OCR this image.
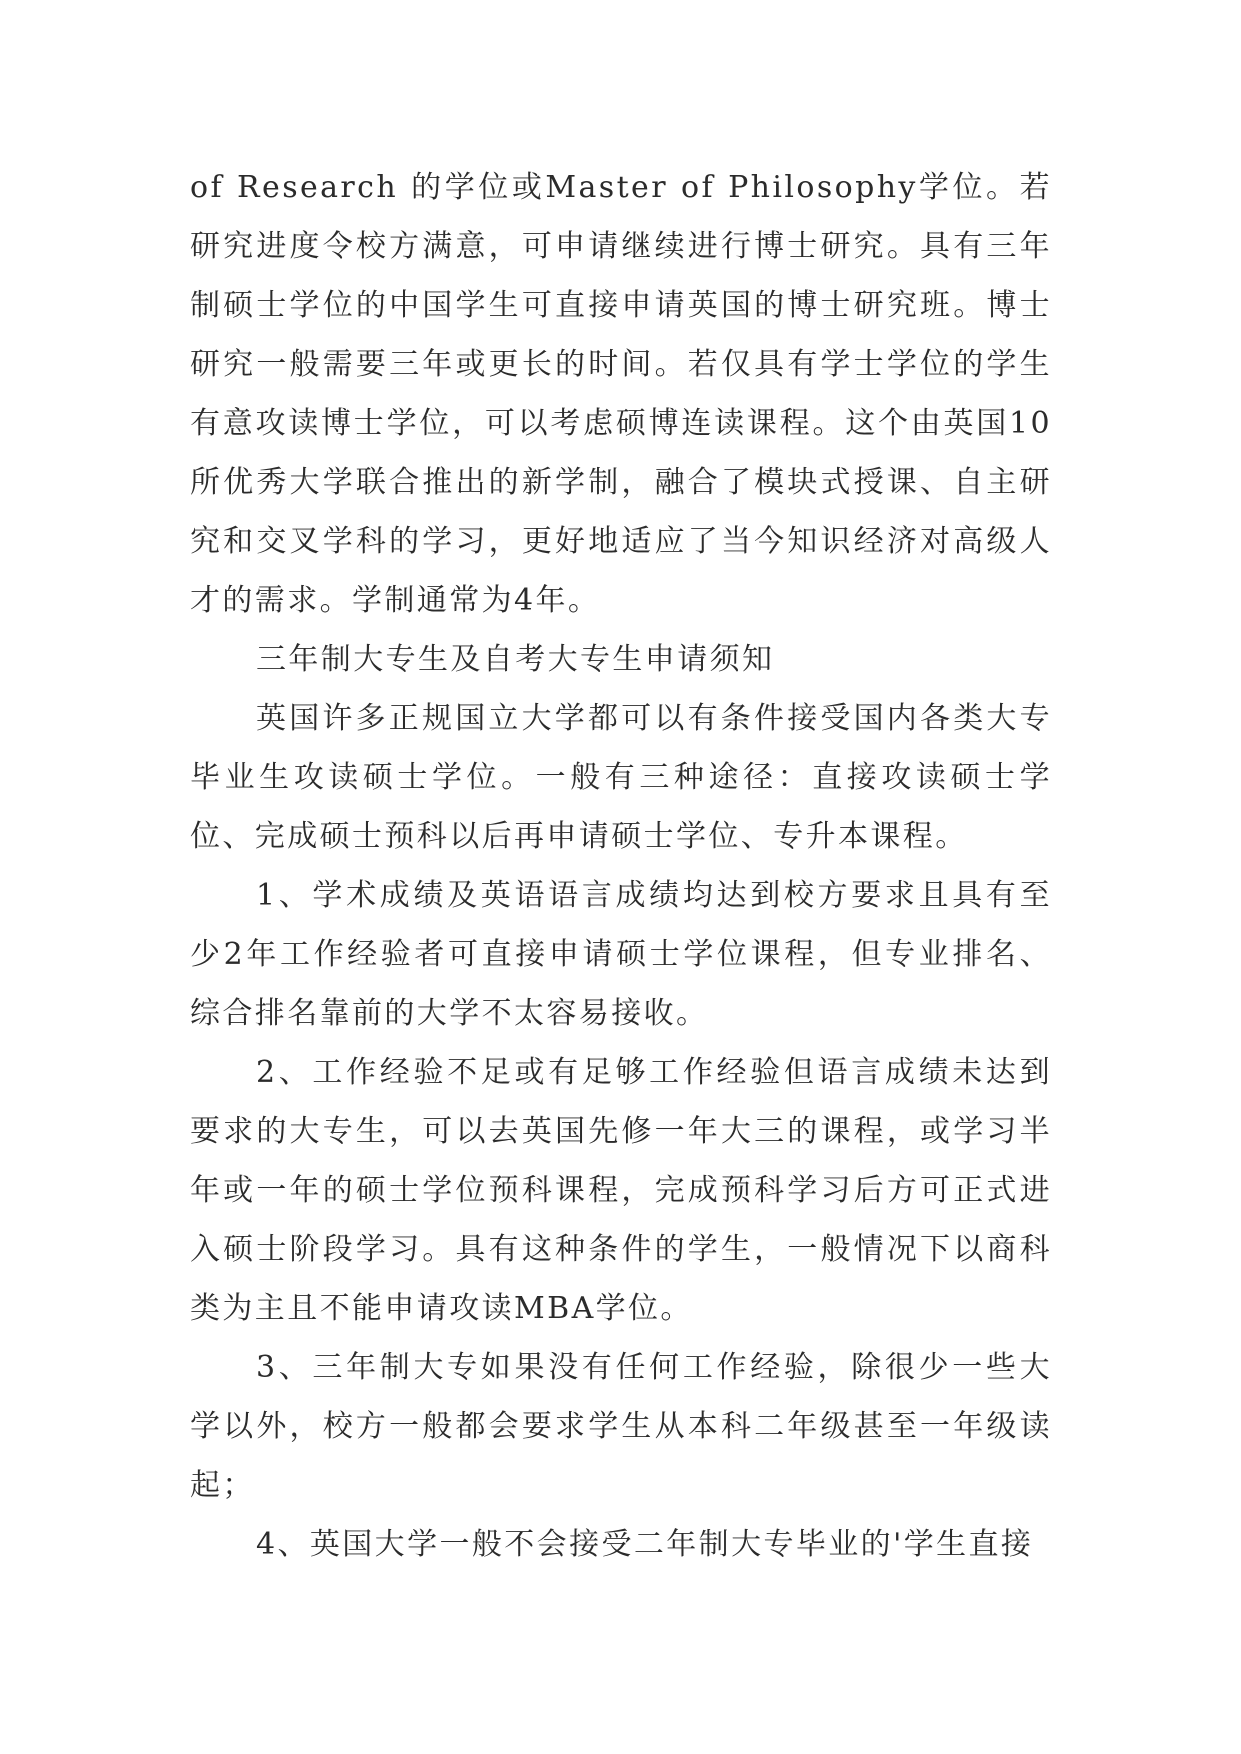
of Research 的学位或Master of Philosophy学位。若研究进度令校方满意，可申请继续进行博士研究。具有三年制硕士学位的中国学生可直接申请英国的博士研究班。博士研究一般需要三年或更长的时间。若仅具有学士学位的学生有意攻读博士学位，可以考虑硕博连读课程。这个由英国10所优秀大学联合推出的新学制，融合了模块式授课、自主研究和交叉学科的学习，更好地适应了当今知识经济对高级人才的需求。学制通常为4年。

三年制大专生及自考大专生申请须知

英国许多正规国立大学都可以有条件接受国内各类大专毕业生攻读硕士学位。一般有三种途径：直接攻读硕士学位、完成硕士预科以后再申请硕士学位、专升本课程。

1、学术成绩及英语语言成绩均达到校方要求且具有至少2年工作经验者可直接申请硕士学位课程，但专业排名、综合排名靠前的大学不太容易接收。

2、工作经验不足或有足够工作经验但语言成绩未达到要求的大专生，可以去英国先修一年大三的课程，或学习半年或一年的硕士学位预科课程，完成预科学习后方可正式进入硕士阶段学习。具有这种条件的学生，一般情况下以商科类为主且不能申请攻读MBA学位。

3、三年制大专如果没有任何工作经验，除很少一些大学以外，校方一般都会要求学生从本科二年级甚至一年级读起；

4、英国大学一般不会接受二年制大专毕业的'学生直接
